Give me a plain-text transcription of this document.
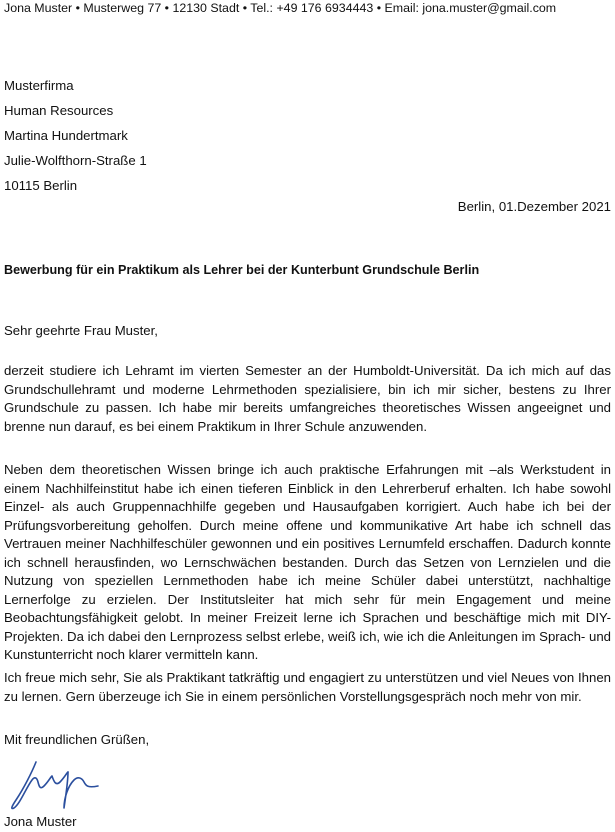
Jona Muster • Musterweg 77 • 12130 Stadt • Tel.: +49 176 6934443 • Email: jona.muster@gmail.com
Musterfirma
Human Resources
Martina Hundertmark
Julie-Wolfthorn-Straße 1
10115 Berlin
Berlin, 01.Dezember 2021
Bewerbung für ein Praktikum als Lehrer bei der Kunterbunt Grundschule Berlin
Sehr geehrte Frau Muster,
derzeit studiere ich Lehramt im vierten Semester an der Humboldt-Universität. Da ich mich auf das Grundschullehramt und moderne Lehrmethoden spezialisiere, bin ich mir sicher, bestens zu Ihrer Grundschule zu passen. Ich habe mir bereits umfangreiches theoretisches Wissen angeeignet und brenne nun darauf, es bei einem Praktikum in Ihrer Schule anzuwenden.
Neben dem theoretischen Wissen bringe ich auch praktische Erfahrungen mit –als Werkstudent in einem Nachhilfeinstitut habe ich einen tieferen Einblick in den Lehrerberuf erhalten. Ich habe sowohl Einzel- als auch Gruppennachhilfe gegeben und Hausaufgaben korrigiert. Auch habe ich bei der Prüfungsvorbereitung geholfen. Durch meine offene und kommunikative Art habe ich schnell das Vertrauen meiner Nachhilfeschüler gewonnen und ein positives Lernumfeld erschaffen. Dadurch konnte ich schnell herausfinden, wo Lernschwächen bestanden. Durch das Setzen von Lernzielen und die Nutzung von speziellen Lernmethoden habe ich meine Schüler dabei unterstützt, nachhaltige Lernerfolge zu erzielen. Der Institutsleiter hat mich sehr für mein Engagement und meine Beobachtungsfähigkeit gelobt. In meiner Freizeit lerne ich Sprachen und beschäftige mich mit DIY-Projekten. Da ich dabei den Lernprozess selbst erlebe, weiß ich, wie ich die Anleitungen im Sprach- und Kunstunterricht noch klarer vermitteln kann.
Ich freue mich sehr, Sie als Praktikant tatkräftig und engagiert zu unterstützen und viel Neues von Ihnen zu lernen. Gern überzeuge ich Sie in einem persönlichen Vorstellungsgespräch noch mehr von mir.
Mit freundlichen Grüßen,
Jona Muster
